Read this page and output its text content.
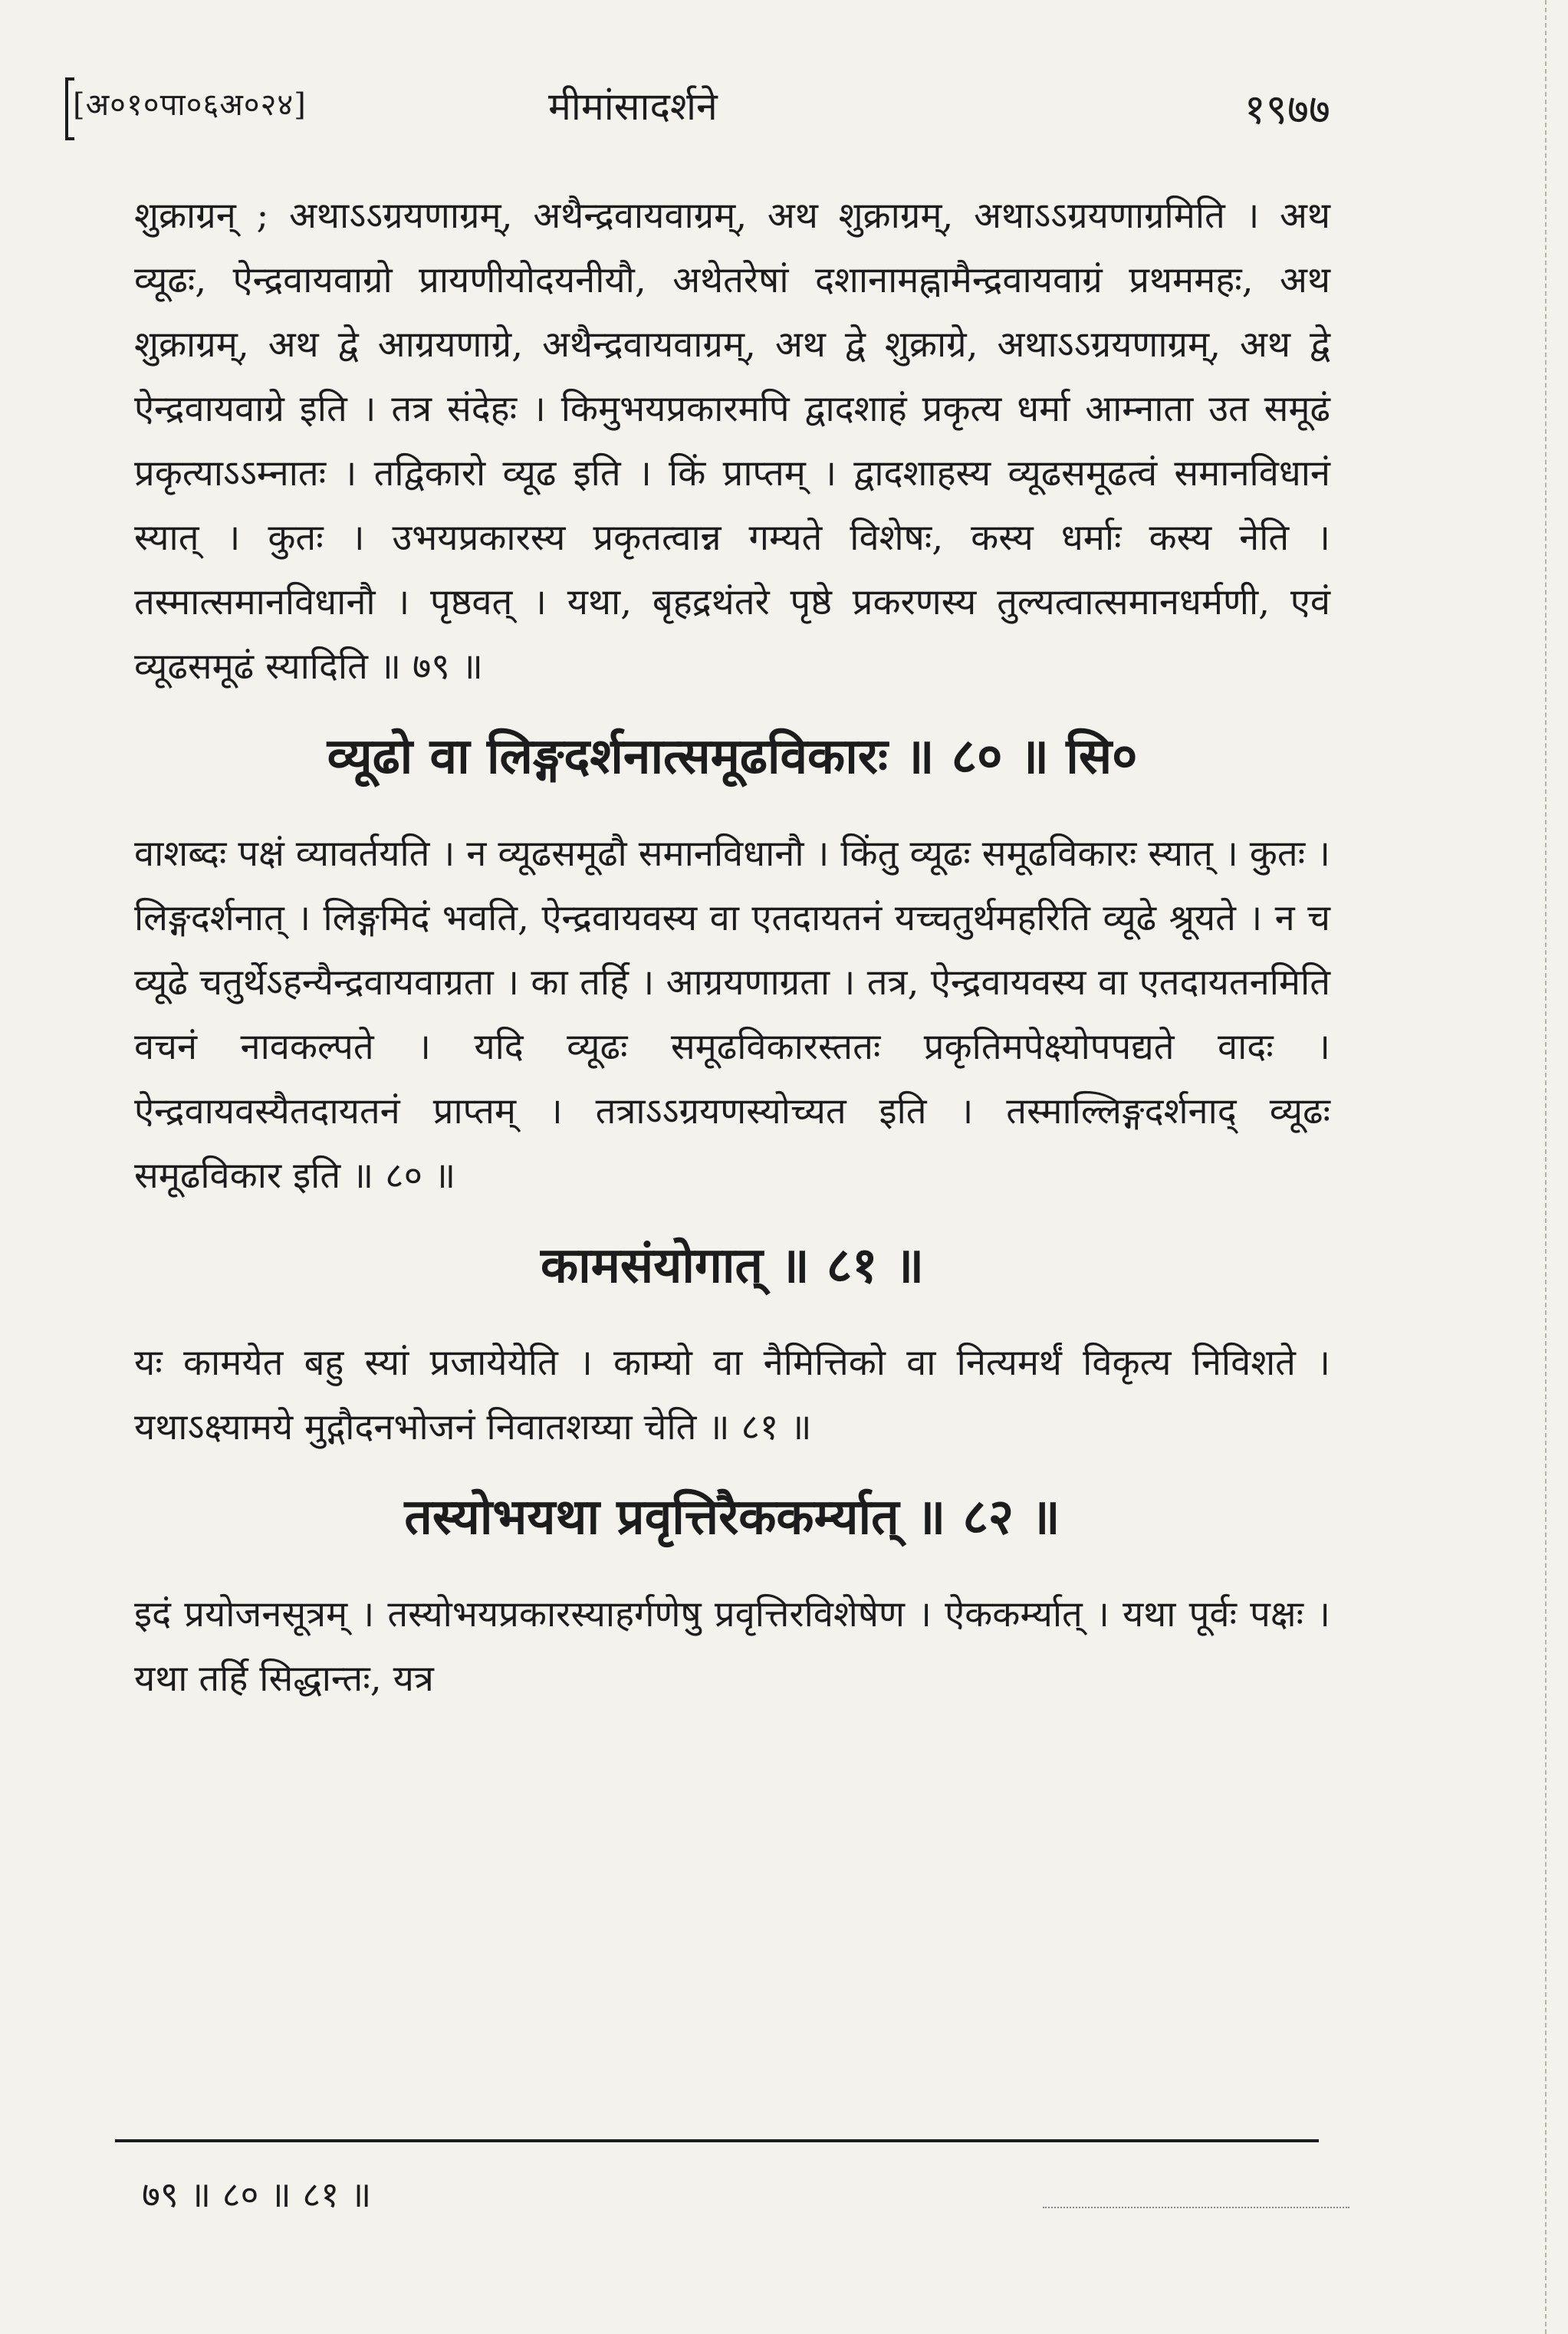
[अ०१०पा०६अ०२४]	मीमांसादर्शने	१९७७
शुक्राग्रन् ; अथाऽऽग्रयणाग्रम्, अथैन्द्रवायवाग्रम्, अथ शुक्राग्रम्, अथाऽऽग्रयणाग्रमिति । अथ व्यूढः, ऐन्द्रवायवाग्रो प्रायणीयोदयनीयौ, अथेतरेषां दशानामह्नामैन्द्रवायवाग्रं प्रथममहः, अथ शुक्राग्रम्, अथ द्वे आग्रयणाग्रे, अथैन्द्रवायवाग्रम्, अथ द्वे शुक्राग्रे, अथाऽऽग्रयणाग्रम्, अथ द्वे ऐन्द्रवायवाग्रे इति । तत्र संदेहः । किमुभयप्रकारमपि द्वादशाहं प्रकृत्य धर्मा आम्नाता उत समूढं प्रकृत्याऽऽम्नातः । तद्विकारो व्यूढ इति । किं प्राप्तम् । द्वादशाहस्य व्यूढसमूढत्वं समानविधानं स्यात् । कुतः । उभयप्रकारस्य प्रकृतत्वान्न गम्यते विशेषः, कस्य धर्माः कस्य नेति । तस्मात्समानविधानौ । पृष्ठवत् । यथा, बृहद्रथंतरे पृष्ठे प्रकरणस्य तुल्यत्वात्समानधर्मणी, एवं व्यूढसमूढं स्यादिति ॥ ७९ ॥
व्यूढो वा लिङ्गदर्शनात्समूढविकारः ॥ ८० ॥ सि०
वाशब्दः पक्षं व्यावर्तयति । न व्यूढसमूढौ समानविधानौ । किंतु व्यूढः समूढविकारः स्यात् । कुतः । लिङ्गदर्शनात् । लिङ्गमिदं भवति, ऐन्द्रवायवस्य वा एतदायतनं यच्चतुर्थमहरिति व्यूढे श्रूयते । न च व्यूढे चतुर्थेऽहन्यैन्द्रवायवाग्रता । का तर्हि । आग्रयणाग्रता । तत्र, ऐन्द्रवायवस्य वा एतदायतनमिति वचनं नावकल्पते । यदि व्यूढः समूढविकारस्ततः प्रकृतिमपेक्ष्योपपद्यते वादः । ऐन्द्रवायवस्यैतदायतनं प्राप्तम् । तत्राऽऽग्रयणस्योच्यत इति । तस्माल्लिङ्गदर्शनाद् व्यूढः समूढविकार इति ॥ ८० ॥
कामसंयोगात् ॥ ८१ ॥
यः कामयेत बहु स्यां प्रजायेयेति । काम्यो वा नैमित्तिको वा नित्यमर्थं विकृत्य निविशते । यथाऽक्ष्यामये मुद्गौदनभोजनं निवातशय्या चेति ॥ ८१ ॥
तस्योभयथा प्रवृत्तिरैककर्म्यात् ॥ ८२ ॥
इदं प्रयोजनसूत्रम् । तस्योभयप्रकारस्याहर्गणेषु प्रवृत्तिरविशेषेण । ऐककर्म्यात् । यथा पूर्वः पक्षः । यथा तर्हि सिद्धान्तः, यत्र
७९ ॥ ८० ॥ ८१ ॥
